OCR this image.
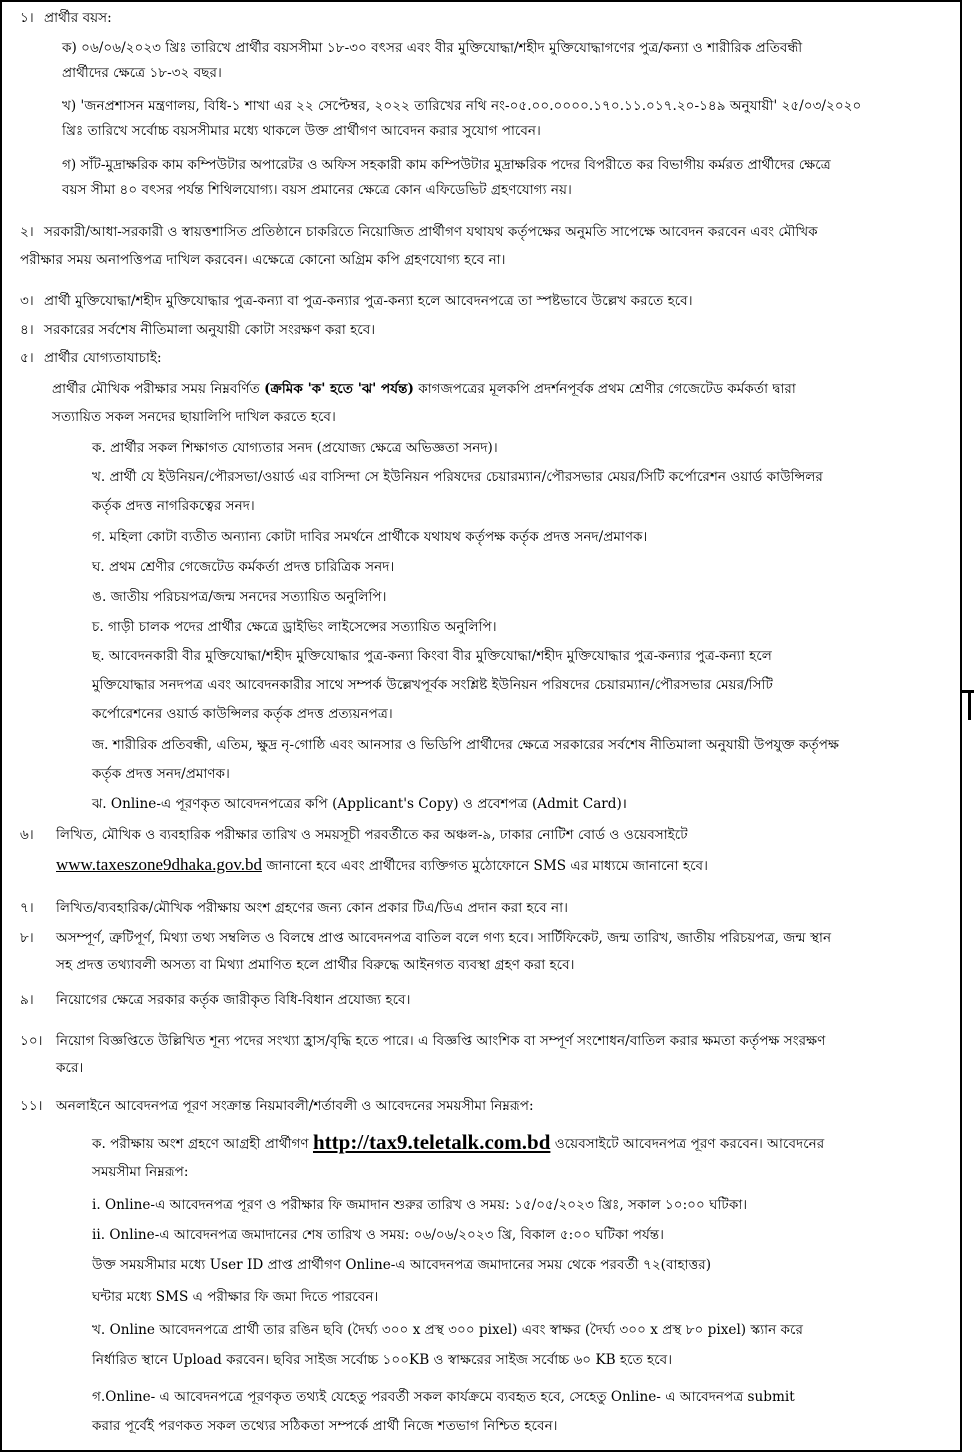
১। প্রার্থীর বয়স:
ক) ০৬/০৬/২০২৩ খ্রিঃ তারিখে প্রার্থীর বয়সসীমা ১৮-৩০ বৎসর এবং বীর মুক্তিযোদ্ধা/শহীদ মুক্তিযোদ্ধাগণের পুত্র/কন্যা ও শারীরিক প্রতিবন্ধী
প্রার্থীদের ক্ষেত্রে ১৮-৩২ বছর।
খ) 'জনপ্রশাসন মন্ত্রণালয়, বিধি-১ শাখা এর ২২ সেপ্টেম্বর, ২০২২ তারিখের নথি নং-০৫.০০.০০০০.১৭০.১১.০১৭.২০-১৪৯ অনুযায়ী' ২৫/০৩/২০২০
খ্রিঃ তারিখে সর্বোচ্চ বয়সসীমার মধ্যে থাকলে উক্ত প্রার্থীগণ আবেদন করার সুযোগ পাবেন।
গ) সাঁট-মুদ্রাক্ষরিক কাম কম্পিউটার অপারেটর ও অফিস সহকারী কাম কম্পিউটার মুদ্রাক্ষরিক পদের বিপরীতে কর বিভাগীয় কর্মরত প্রার্থীদের ক্ষেত্রে
বয়স সীমা ৪০ বৎসর পর্যন্ত শিথিলযোগ্য। বয়স প্রমানের ক্ষেত্রে কোন এফিডেভিট গ্রহণযোগ্য নয়।
২। সরকারী/আধা-সরকারী ও স্বায়ত্তশাসিত প্রতিষ্ঠানে চাকরিতে নিয়োজিত প্রার্থীগণ যথাযথ কর্তৃপক্ষের অনুমতি সাপেক্ষে আবেদন করবেন এবং মৌখিক
পরীক্ষার সময় অনাপত্তিপত্র দাখিল করবেন। এক্ষেত্রে কোনো অগ্রিম কপি গ্রহণযোগ্য হবে না।
৩। প্রার্থী মুক্তিযোদ্ধা/শহীদ মুক্তিযোদ্ধার পুত্র-কন্যা বা পুত্র-কন্যার পুত্র-কন্যা হলে আবেদনপত্রে তা স্পষ্টভাবে উল্লেখ করতে হবে।
৪। সরকারের সর্বশেষ নীতিমালা অনুযায়ী কোটা সংরক্ষণ করা হবে।
৫। প্রার্থীর যোগ্যতাযাচাই:
প্রার্থীর মৌখিক পরীক্ষার সময় নিম্নবর্ণিত (ক্রমিক 'ক' হতে 'ঝ' পর্যন্ত) কাগজপত্রের মূলকপি প্রদর্শনপূর্বক প্রথম শ্রেণীর গেজেটেড কর্মকর্তা দ্বারা
সত্যায়িত সকল সনদের ছায়ালিপি দাখিল করতে হবে।
ক. প্রার্থীর সকল শিক্ষাগত যোগ্যতার সনদ (প্রযোজ্য ক্ষেত্রে অভিজ্ঞতা সনদ)।
খ. প্রার্থী যে ইউনিয়ন/পৌরসভা/ওয়ার্ড এর বাসিন্দা সে ইউনিয়ন পরিষদের চেয়ারম্যান/পৌরসভার মেয়র/সিটি কর্পোরেশন ওয়ার্ড কাউন্সিলর
কর্তৃক প্রদত্ত নাগরিকত্বের সনদ।
গ. মহিলা কোটা ব্যতীত অন্যান্য কোটা দাবির সমর্থনে প্রার্থীকে যথাযথ কর্তৃপক্ষ কর্তৃক প্রদত্ত সনদ/প্রমাণক।
ঘ. প্রথম শ্রেণীর গেজেটেড কর্মকর্তা প্রদত্ত চারিত্রিক সনদ।
ঙ. জাতীয় পরিচয়পত্র/জন্ম সনদের সত্যায়িত অনুলিপি।
চ. গাড়ী চালক পদের প্রার্থীর ক্ষেত্রে ড্রাইভিং লাইসেন্সের সত্যায়িত অনুলিপি।
ছ. আবেদনকারী বীর মুক্তিযোদ্ধা/শহীদ মুক্তিযোদ্ধার পুত্র-কন্যা কিংবা বীর মুক্তিযোদ্ধা/শহীদ মুক্তিযোদ্ধার পুত্র-কন্যার পুত্র-কন্যা হলে
মুক্তিযোদ্ধার সনদপত্র এবং আবেদনকারীর সাথে সম্পর্ক উল্লেখপূর্বক সংশ্লিষ্ট ইউনিয়ন পরিষদের চেয়ারম্যান/পৌরসভার মেয়র/সিটি
কর্পোরেশনের ওয়ার্ড কাউন্সিলর কর্তৃক প্রদত্ত প্রত্যয়নপত্র।
জ. শারীরিক প্রতিবন্ধী, এতিম, ক্ষুদ্র নৃ-গোষ্ঠি এবং আনসার ও ভিডিপি প্রার্থীদের ক্ষেত্রে সরকারের সর্বশেষ নীতিমালা অনুযায়ী উপযুক্ত কর্তৃপক্ষ
কর্তৃক প্রদত্ত সনদ/প্রমাণক।
ঝ. Online-এ পূরণকৃত আবেদনপত্রের কপি (Applicant's Copy) ও প্রবেশপত্র (Admit Card)।
৬। লিখিত, মৌখিক ও ব্যবহারিক পরীক্ষার তারিখ ও সময়সূচী পরবর্তীতে কর অঞ্চল-৯, ঢাকার নোটিশ বোর্ড ও ওয়েবসাইটে
www.taxeszone9dhaka.gov.bd জানানো হবে এবং প্রার্থীদের ব্যক্তিগত মুঠোফোনে SMS এর মাধ্যমে জানানো হবে।
৭। লিখিত/ব্যবহারিক/মৌখিক পরীক্ষায় অংশ গ্রহণের জন্য কোন প্রকার টিএ/ডিএ প্রদান করা হবে না।
৮। অসম্পূর্ণ, ত্রুটিপূর্ণ, মিথ্যা তথ্য সম্বলিত ও বিলম্বে প্রাপ্ত আবেদনপত্র বাতিল বলে গণ্য হবে। সার্টিফিকেট, জন্ম তারিখ, জাতীয় পরিচয়পত্র, জন্ম স্থান
সহ প্রদত্ত তথ্যাবলী অসত্য বা মিথ্যা প্রমাণিত হলে প্রার্থীর বিরুদ্ধে আইনগত ব্যবস্থা গ্রহণ করা হবে।
৯। নিয়োগের ক্ষেত্রে সরকার কর্তৃক জারীকৃত বিধি-বিধান প্রযোজ্য হবে।
১০। নিয়োগ বিজ্ঞপ্তিতে উল্লিখিত শূন্য পদের সংখ্যা হ্রাস/বৃদ্ধি হতে পারে। এ বিজ্ঞপ্তি আংশিক বা সম্পূর্ণ সংশোধন/বাতিল করার ক্ষমতা কর্তৃপক্ষ সংরক্ষণ
করে।
১১। অনলাইনে আবেদনপত্র পূরণ সংক্রান্ত নিয়মাবলী/শর্তাবলী ও আবেদনের সময়সীমা নিম্নরূপ:
ক. পরীক্ষায় অংশ গ্রহণে আগ্রহী প্রার্থীগণ http://tax9.teletalk.com.bd ওয়েবসাইটে আবেদনপত্র পূরণ করবেন। আবেদনের
সময়সীমা নিম্নরূপ:
i. Online-এ আবেদনপত্র পূরণ ও পরীক্ষার ফি জমাদান শুরুর তারিখ ও সময়: ১৫/০৫/২০২৩ খ্রিঃ, সকাল ১০:০০ ঘটিকা।
ii. Online-এ আবেদনপত্র জমাদানের শেষ তারিখ ও সময়: ০৬/০৬/২০২৩ খ্রি, বিকাল ৫:০০ ঘটিকা পর্যন্ত।
উক্ত সময়সীমার মধ্যে User ID প্রাপ্ত প্রার্থীগণ Online-এ আবেদনপত্র জমাদানের সময় থেকে পরবর্তী ৭২(বাহাত্তর)
ঘন্টার মধ্যে SMS এ পরীক্ষার ফি জমা দিতে পারবেন।
খ. Online আবেদনপত্রে প্রার্থী তার রঙিন ছবি (দৈর্ঘ্য ৩০০ x প্রস্থ ৩০০ pixel) এবং স্বাক্ষর (দৈর্ঘ্য ৩০০ x প্রস্থ ৮০ pixel) স্ক্যান করে
নির্ধারিত স্থানে Upload করবেন। ছবির সাইজ সর্বোচ্চ ১০০KB ও স্বাক্ষরের সাইজ সর্বোচ্চ ৬০ KB হতে হবে।
গ.Online- এ আবেদনপত্রে পূরণকৃত তথ্যই যেহেতু পরবর্তী সকল কার্যক্রমে ব্যবহৃত হবে, সেহেতু Online- এ আবেদনপত্র submit
করার পূর্বেই পরণকত সকল তথ্যের সঠিকতা সম্পর্কে প্রার্থী নিজে শতভাগ নিশ্চিত হবেন।
